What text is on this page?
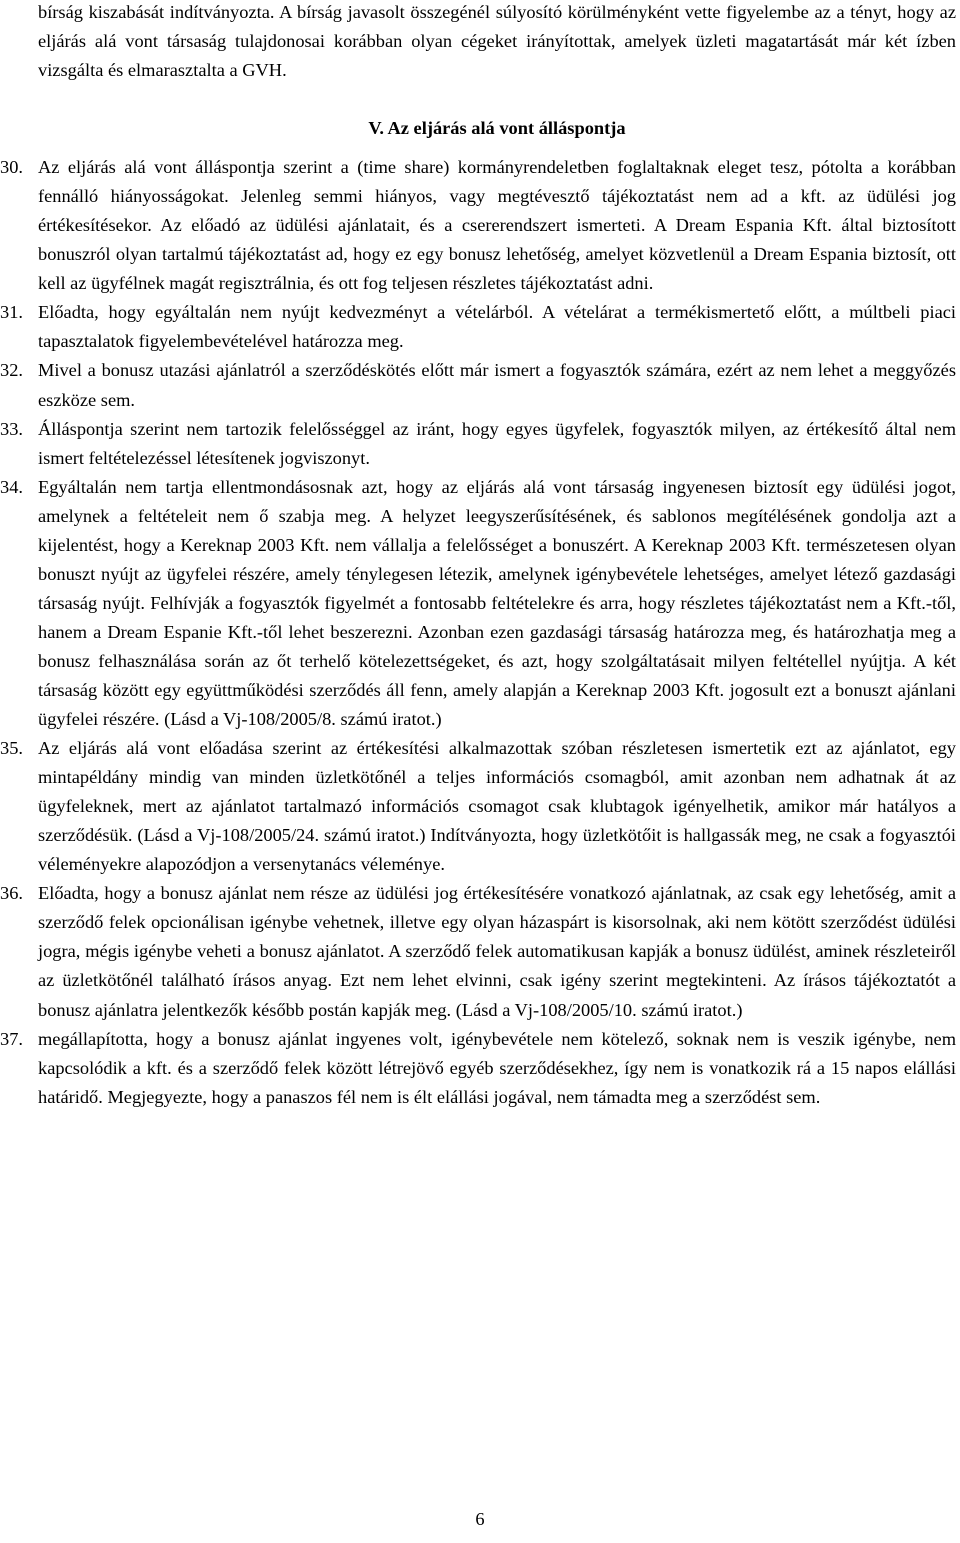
bírság kiszabását indítványozta. A bírság javasolt összegénél súlyosító körülményként vette figyelembe az a tényt, hogy az eljárás alá vont társaság tulajdonosai korábban olyan cégeket irányítottak, amelyek üzleti magatartását már két ízben vizsgálta és elmarasztalta a GVH.

V. Az eljárás alá vont álláspontja
30. Az eljárás alá vont álláspontja szerint a (time share) kormányrendeletben foglaltaknak eleget tesz, pótolta a korábban fennálló hiányosságokat. Jelenleg semmi hiányos, vagy megtévesztő tájékoztatást nem ad a kft. az üdülési jog értékesítésekor. Az előadó az üdülési ajánlatait, és a csererendszert ismerteti. A Dream Espania Kft. által biztosított bonuszról olyan tartalmú tájékoztatást ad, hogy ez egy bonusz lehetőség, amelyet közvetlenül a Dream Espania biztosít, ott kell az ügyfélnek magát regisztrálnia, és ott fog teljesen részletes tájékoztatást adni.
31. Előadta, hogy egyáltalán nem nyújt kedvezményt a vételárból. A vételárat a termékismertető előtt, a múltbeli piaci tapasztalatok figyelembevételével határozza meg.
32. Mivel a bonusz utazási ajánlatról a szerződéskötés előtt már ismert a fogyasztók számára, ezért az nem lehet a meggyőzés eszköze sem.
33. Álláspontja szerint nem tartozik felelősséggel az iránt, hogy egyes ügyfelek, fogyasztók milyen, az értékesítő által nem ismert feltételezéssel létesítenek jogviszonyt.
34. Egyáltalán nem tartja ellentmondásosnak azt, hogy az eljárás alá vont társaság ingyenesen biztosít egy üdülési jogot, amelynek a feltételeit nem ő szabja meg. A helyzet leegyszerűsítésének, és sablonos megítélésének gondolja azt a kijelentést, hogy a Kereknap 2003 Kft. nem vállalja a felelősséget a bonuszért. A Kereknap 2003 Kft. természetesen olyan bonuszt nyújt az ügyfelei részére, amely ténylegesen létezik, amelynek igénybevétele lehetséges, amelyet létező gazdasági társaság nyújt. Felhívják a fogyasztók figyelmét a fontosabb feltételekre és arra, hogy részletes tájékoztatást nem a Kft.-től, hanem a Dream Espanie Kft.-től lehet beszerezni. Azonban ezen gazdasági társaság határozza meg, és határozhatja meg a bonusz felhasználása során az őt terhelő kötelezettségeket, és azt, hogy szolgáltatásait milyen feltétellel nyújtja. A két társaság között egy együttműködési szerződés áll fenn, amely alapján a Kereknap 2003 Kft. jogosult ezt a bonuszt ajánlani ügyfelei részére. (Lásd a Vj-108/2005/8. számú iratot.)
35. Az eljárás alá vont előadása szerint az értékesítési alkalmazottak szóban részletesen ismertetik ezt az ajánlatot, egy mintapéldány mindig van minden üzletkötőnél a teljes információs csomagból, amit azonban nem adhatnak át az ügyfeleknek, mert az ajánlatot tartalmazó információs csomagot csak klubtagok igényelhetik, amikor már hatályos a szerződésük. (Lásd a Vj-108/2005/24. számú iratot.) Indítványozta, hogy üzletkötőit is hallgassák meg, ne csak a fogyasztói véleményekre alapozódjon a versenytanács véleménye.
36. Előadta, hogy a bonusz ajánlat nem része az üdülési jog értékesítésére vonatkozó ajánlatnak, az csak egy lehetőség, amit a szerződő felek opcionálisan igénybe vehetnek, illetve egy olyan házaspárt is kisorsolnak, aki nem kötött szerződést üdülési jogra, mégis igénybe veheti a bonusz ajánlatot. A szerződő felek automatikusan kapják a bonusz üdülést, aminek részleteiről az üzletkötőnél található írásos anyag. Ezt nem lehet elvinni, csak igény szerint megtekinteni. Az írásos tájékoztatót a bonusz ajánlatra jelentkezők később postán kapják meg. (Lásd a Vj-108/2005/10. számú iratot.)
37. megállapította, hogy a bonusz ajánlat ingyenes volt, igénybevétele nem kötelező, soknak nem is veszik igénybe, nem kapcsolódik a kft. és a szerződő felek között létrejövő egyéb szerződésekhez, így nem is vonatkozik rá a 15 napos elállási határidő. Megjegyezte, hogy a panaszos fél nem is élt elállási jogával, nem támadta meg a szerződést sem.
6
